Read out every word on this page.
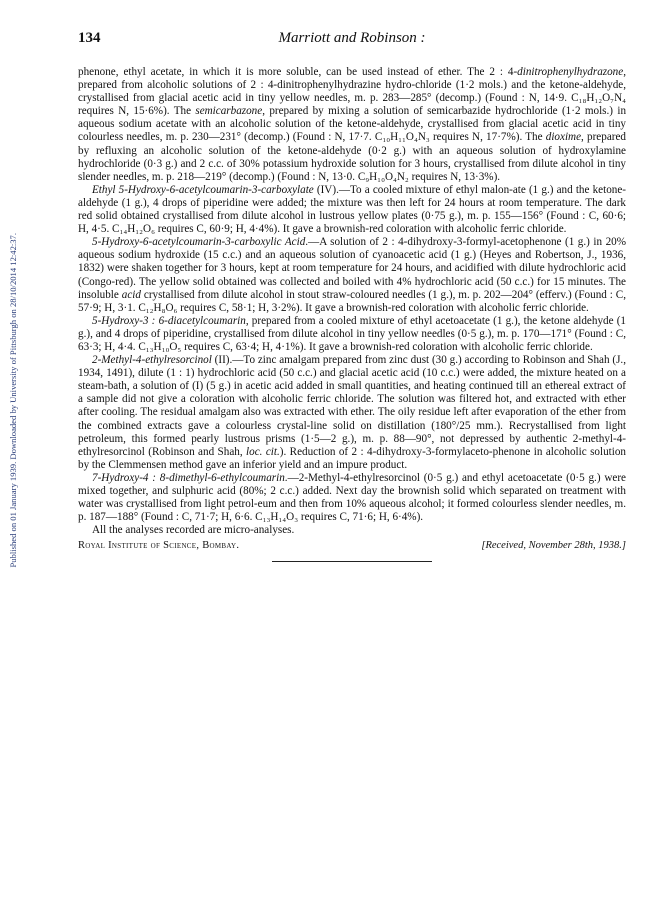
Published on 01 January 1939. Downloaded by University of Pittsburgh on 28/10/2014 12:42:37.
134	Marriott and Robinson :

phenone, ethyl acetate, in which it is more soluble, can be used instead of ether. The 2 : 4-dinitrophenylhydrazone, prepared from alcoholic solutions of 2 : 4-dinitrophenylhydrazine hydro-chloride (1·2 mols.) and the ketone-aldehyde, crystallised from glacial acetic acid in tiny yellow needles, m. p. 283—285° (decomp.) (Found : N, 14·9. C₁₈H₁₂O₇N₄ requires N, 15·6%). The semicarbazone, prepared by mixing a solution of semicarbazide hydrochloride (1·2 mols.) in aqueous sodium acetate with an alcoholic solution of the ketone-aldehyde, crystallised from glacial acetic acid in tiny colourless needles, m. p. 230—231° (decomp.) (Found : N, 17·7. C₁₀H₁₁O₄N₃ requires N, 17·7%). The dioxime, prepared by refluxing an alcoholic solution of the ketone-aldehyde (0·2 g.) with an aqueous solution of hydroxylamine hydrochloride (0·3 g.) and 2 c.c. of 30% potassium hydroxide solution for 3 hours, crystallised from dilute alcohol in tiny slender needles, m. p. 218—219° (decomp.) (Found : N, 13·0. C₉H₁₀O₄N₂ requires N, 13·3%).

Ethyl 5-Hydroxy-6-acetylcoumarin-3-carboxylate (IV).—To a cooled mixture of ethyl malon-ate (1 g.) and the ketone-aldehyde (1 g.), 4 drops of piperidine were added; the mixture was then left for 24 hours at room temperature. The dark red solid obtained crystallised from dilute alcohol in lustrous yellow plates (0·75 g.), m. p. 155—156° (Found : C, 60·6; H, 4·5. C₁₄H₁₂O₆ requires C, 60·9; H, 4·4%). It gave a brownish-red coloration with alcoholic ferric chloride.

5-Hydroxy-6-acetylcoumarin-3-carboxylic Acid.—A solution of 2 : 4-dihydroxy-3-formyl-acetophenone (1 g.) in 20% aqueous sodium hydroxide (15 c.c.) and an aqueous solution of cyanoacetic acid (1 g.) (Heyes and Robertson, J., 1936, 1832) were shaken together for 3 hours, kept at room temperature for 24 hours, and acidified with dilute hydrochloric acid (Congo-red). The yellow solid obtained was collected and boiled with 4% hydrochloric acid (50 c.c.) for 15 minutes. The insoluble acid crystallised from dilute alcohol in stout straw-coloured needles (1 g.), m. p. 202—204° (efferv.) (Found : C, 57·9; H, 3·1. C₁₂H₈O₆ requires C, 58·1; H, 3·2%). It gave a brownish-red coloration with alcoholic ferric chloride.

5-Hydroxy-3 : 6-diacetylcoumarin, prepared from a cooled mixture of ethyl acetoacetate (1 g.), the ketone aldehyde (1 g.), and 4 drops of piperidine, crystallised from dilute alcohol in tiny yellow needles (0·5 g.), m. p. 170—171° (Found : C, 63·3; H, 4·4. C₁₃H₁₀O₅ requires C, 63·4; H, 4·1%). It gave a brownish-red coloration with alcoholic ferric chloride.

2-Methyl-4-ethylresorcinol (II).—To zinc amalgam prepared from zinc dust (30 g.) according to Robinson and Shah (J., 1934, 1491), dilute (1 : 1) hydrochloric acid (50 c.c.) and glacial acetic acid (10 c.c.) were added, the mixture heated on a steam-bath, a solution of (I) (5 g.) in acetic acid added in small quantities, and heating continued till an ethereal extract of a sample did not give a coloration with alcoholic ferric chloride. The solution was filtered hot, and extracted with ether after cooling. The residual amalgam also was extracted with ether. The oily residue left after evaporation of the ether from the combined extracts gave a colourless crystal-line solid on distillation (180°/25 mm.). Recrystallised from light petroleum, this formed pearly lustrous prisms (1·5—2 g.), m. p. 88—90°, not depressed by authentic 2-methyl-4-ethylresorcinol (Robinson and Shah, loc. cit.). Reduction of 2 : 4-dihydroxy-3-formylaceto-phenone in alcoholic solution by the Clemmensen method gave an inferior yield and an impure product.

7-Hydroxy-4 : 8-dimethyl-6-ethylcoumarin.—2-Methyl-4-ethylresorcinol (0·5 g.) and ethyl acetoacetate (0·5 g.) were mixed together, and sulphuric acid (80%; 2 c.c.) added. Next day the brownish solid which separated on treatment with water was crystallised from light petrol-eum and then from 10% aqueous alcohol; it formed colourless slender needles, m. p. 187—188° (Found : C, 71·7; H, 6·6. C₁₃H₁₄O₃ requires C, 71·6; H, 6·4%).

All the analyses recorded are micro-analyses.

Royal Institute of Science, Bombay.	[Received, November 28th, 1938.]
